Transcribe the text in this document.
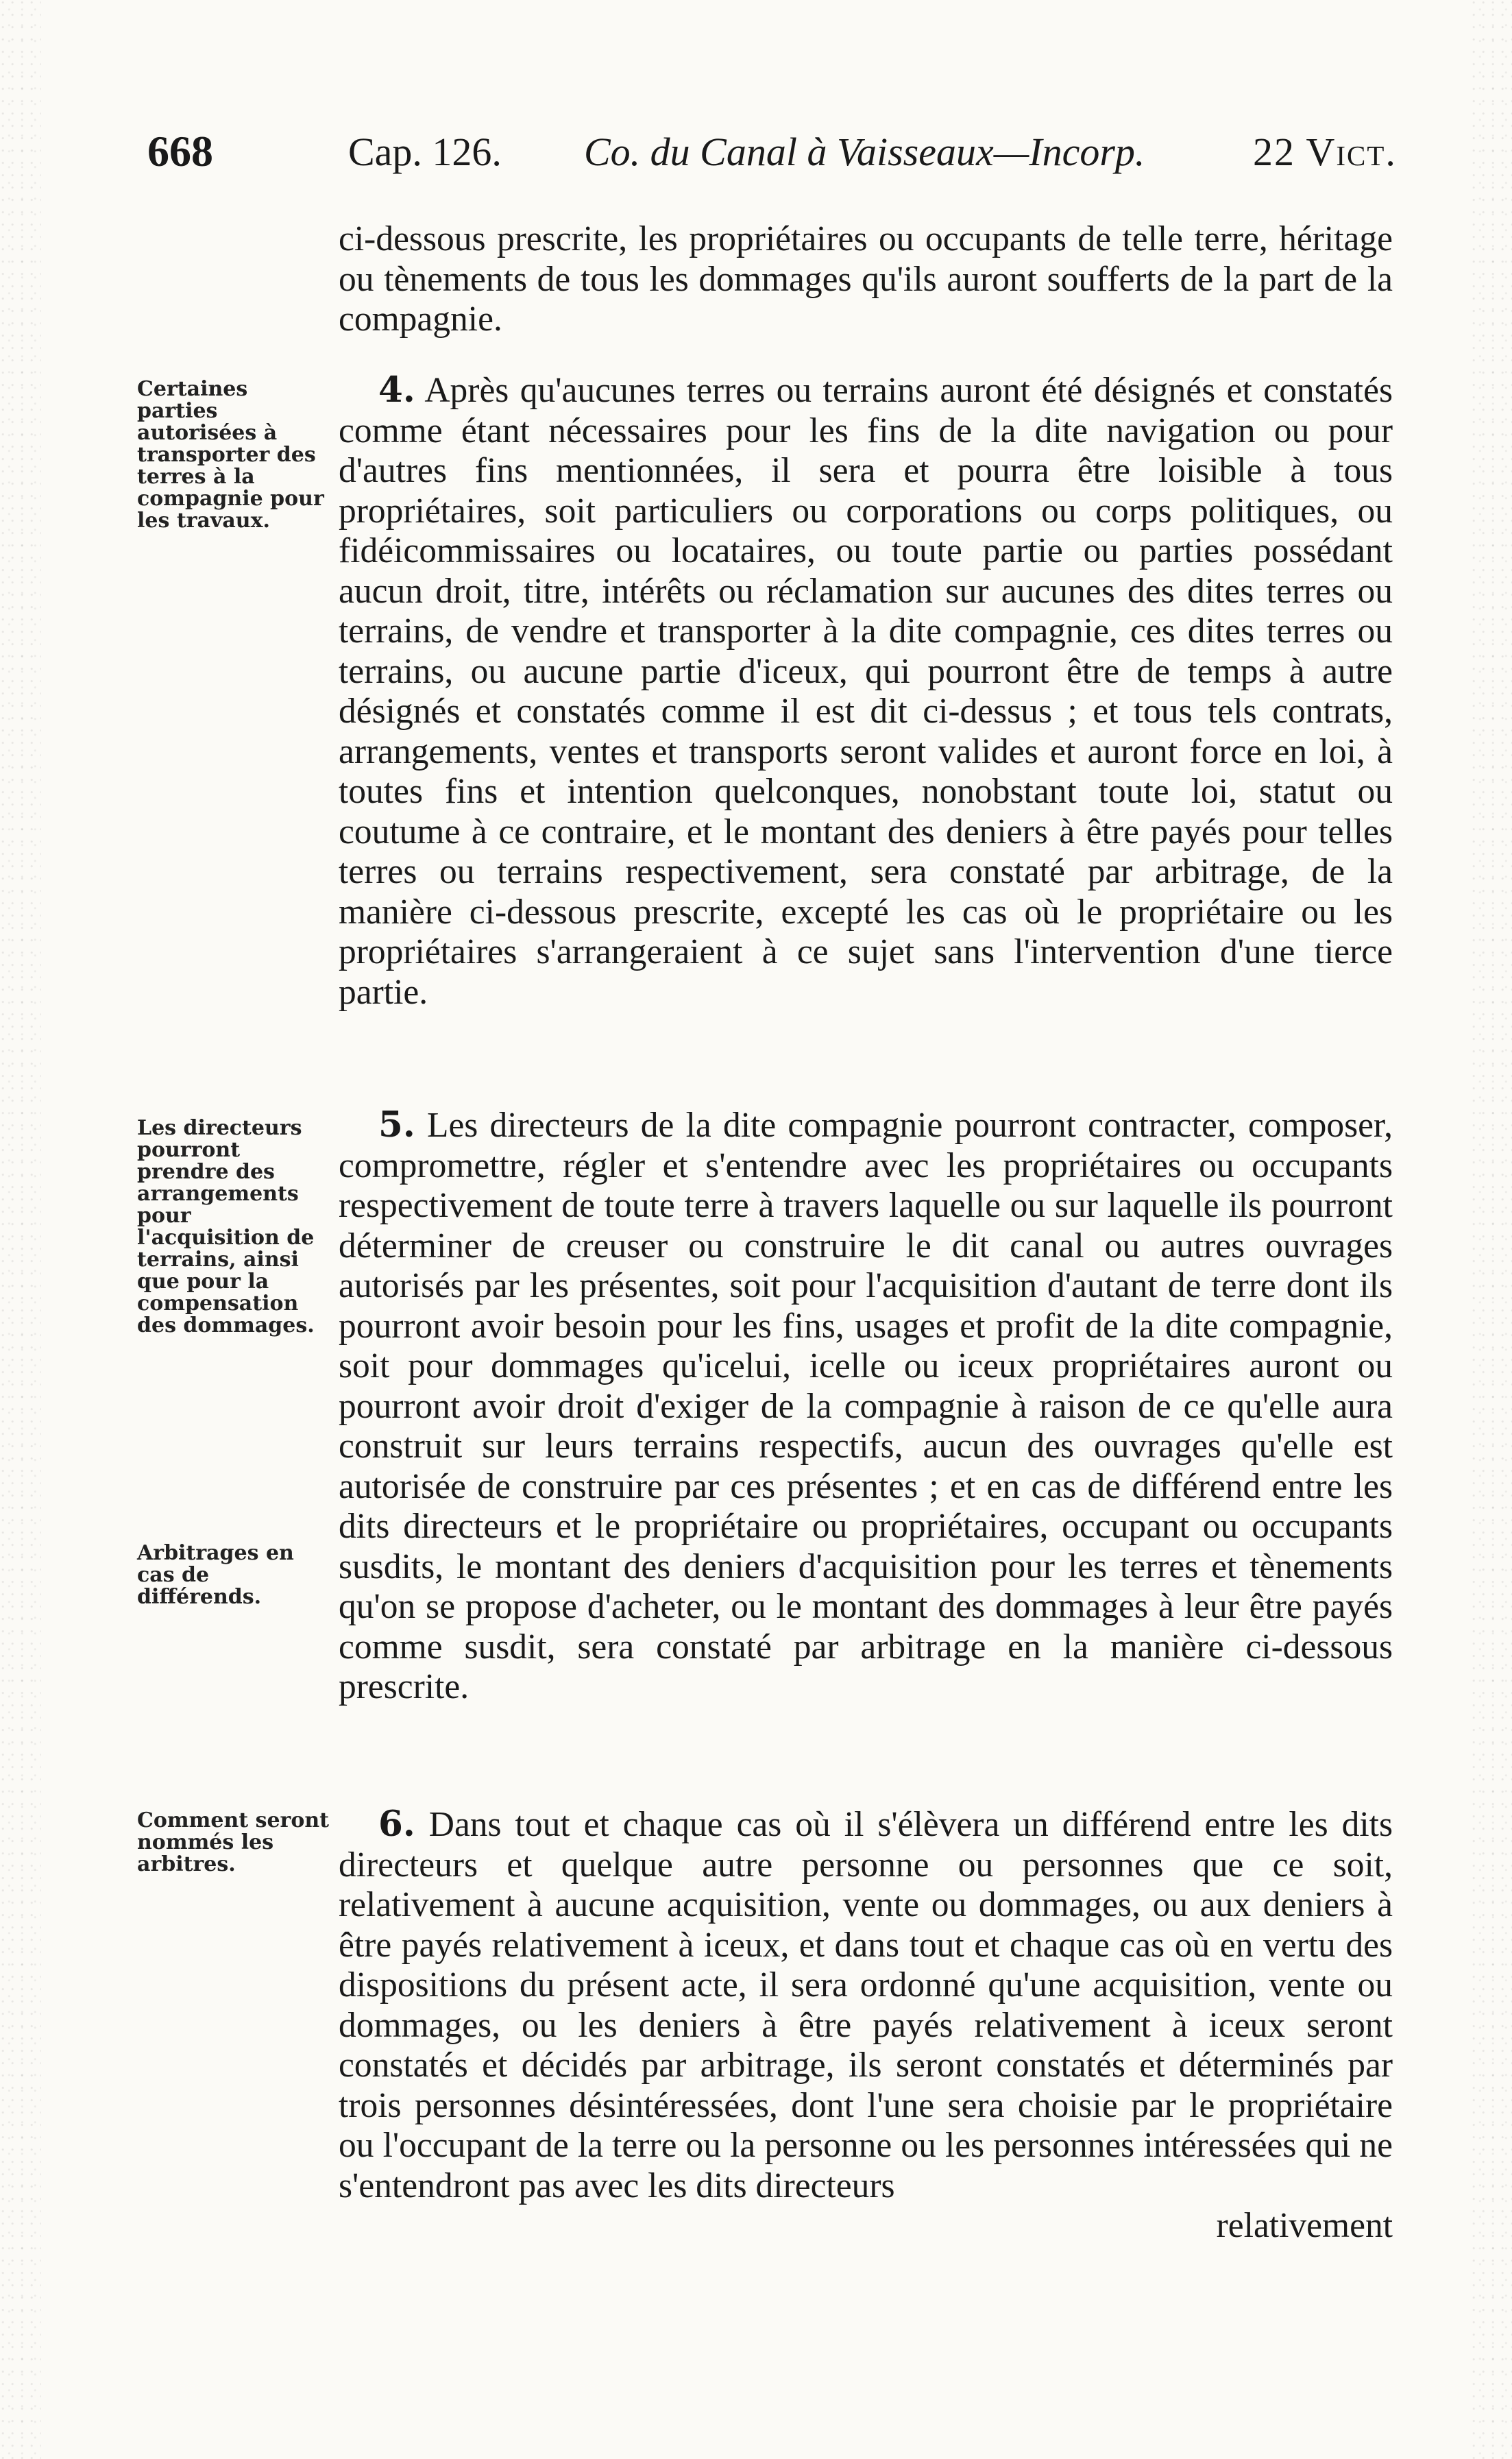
668	Cap. 126. Co. du Canal à Vaisseaux—Incorp.	22 Vict.

ci-dessous prescrite, les propriétaires ou occupants de telle terre, héritage ou tènements de tous les dommages qu'ils auront soufferts de la part de la compagnie.

4. Après qu'aucunes terres ou terrains auront été désignés et constatés comme étant nécessaires pour les fins de la dite navigation ou pour d'autres fins mentionnées, il sera et pourra être loisible à tous propriétaires, soit particuliers ou corporations ou corps politiques, ou fidéicommissaires ou locataires, ou toute partie ou parties possédant aucun droit, titre, intérêts ou réclamation sur aucunes des dites terres ou terrains, de vendre et transporter à la dite compagnie, ces dites terres ou terrains, ou aucune partie d'iceux, qui pourront être de temps à autre désignés et constatés comme il est dit ci-dessus ; et tous tels contrats, arrangements, ventes et transports seront valides et auront force en loi, à toutes fins et intention quelconques, nonobstant toute loi, statut ou coutume à ce contraire, et le montant des deniers à être payés pour telles terres ou terrains respectivement, sera constaté par arbitrage, de la manière ci-dessous prescrite, excepté les cas où le propriétaire ou les propriétaires s'arrangeraient à ce sujet sans l'intervention d'une tierce partie.

5. Les directeurs de la dite compagnie pourront contracter, composer, compromettre, régler et s'entendre avec les propriétaires ou occupants respectivement de toute terre à travers laquelle ou sur laquelle ils pourront déterminer de creuser ou construire le dit canal ou autres ouvrages autorisés par les présentes, soit pour l'acquisition d'autant de terre dont ils pourront avoir besoin pour les fins, usages et profit de la dite compagnie, soit pour dommages qu'icelui, icelle ou iceux propriétaires auront ou pourront avoir droit d'exiger de la compagnie à raison de ce qu'elle aura construit sur leurs terrains respectifs, aucun des ouvrages qu'elle est autorisée de construire par ces présentes ; et en cas de différend entre les dits directeurs et le propriétaire ou propriétaires, occupant ou occupants susdits, le montant des deniers d'acquisition pour les terres et tènements qu'on se propose d'acheter, ou le montant des dommages à leur être payés comme susdit, sera constaté par arbitrage en la manière ci-dessous prescrite.

6. Dans tout et chaque cas où il s'élèvera un différend entre les dits directeurs et quelque autre personne ou personnes que ce soit, relativement à aucune acquisition, vente ou dommages, ou aux deniers à être payés relativement à iceux, et dans tout et chaque cas où en vertu des dispositions du présent acte, il sera ordonné qu'une acquisition, vente ou dommages, ou les deniers à être payés relativement à iceux seront constatés et décidés par arbitrage, ils seront constatés et déterminés par trois personnes désintéressées, dont l'une sera choisie par le propriétaire ou l'occupant de la terre ou la personne ou les personnes intéressées qui ne s'entendront pas avec les dits directeurs

relativement

Certaines parties autorisées à transporter des terres à la compagnie pour les travaux.
Les directeurs pourront prendre des arrangements pour l'acquisition de terrains, ainsi que pour la compensation des dommages.
Arbitrages en cas de différends.
Comment seront nommés les arbitres.
